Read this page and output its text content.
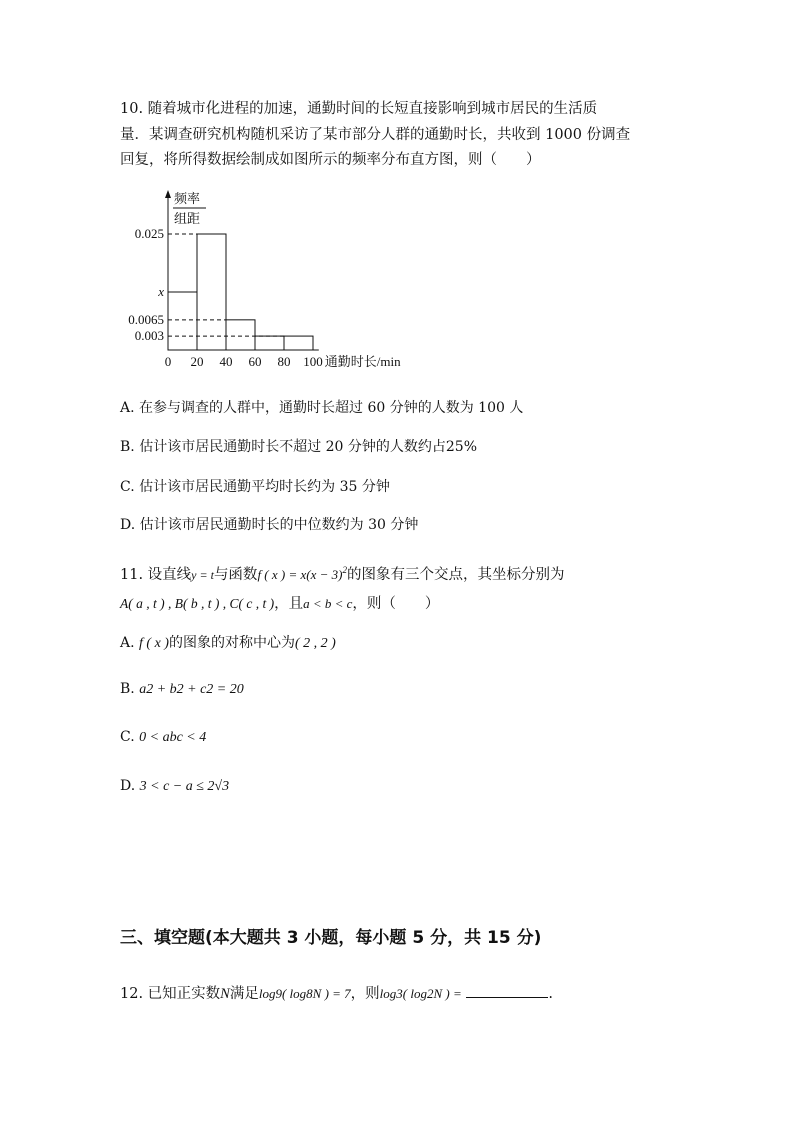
10. 随着城市化进程的加速，通勤时间的长短直接影响到城市居民的生活质
量．某调查研究机构随机采访了某市部分人群的通勤时长，共收到 1000 份调查
回复，将所得数据绘制成如图所示的频率分布直方图，则（　　）
频率
组距
0.025
x
0.0065
0.003
0 20 40 60 80 100 通勤时长/min
A. 在参与调查的人群中，通勤时长超过 60 分钟的人数为 100 人
B. 估计该市居民通勤时长不超过 20 分钟的人数约占25%
C. 估计该市居民通勤平均时长约为 35 分钟
D. 估计该市居民通勤时长的中位数约为 30 分钟
11. 设直线y = t与函数f ( x ) = $x(x - 3)^2$的图象有三个交点，其坐标分别为
A( a , t ) , B( b , t ) , C( c , t )，且a < b < c，则（　　）
A. f ( x )的图象的对称中心为( 2 , 2 )
B. a2 + b2 + c2 = 20
C. 0 < abc < 4
D. 3 < c − a ≤ 2√3
三、填空题(本大题共 3 小题，每小题 5 分，共 15 分)
12. 已知正实数N满足log9( log8N ) = 7，则log3( log2N ) =	.
